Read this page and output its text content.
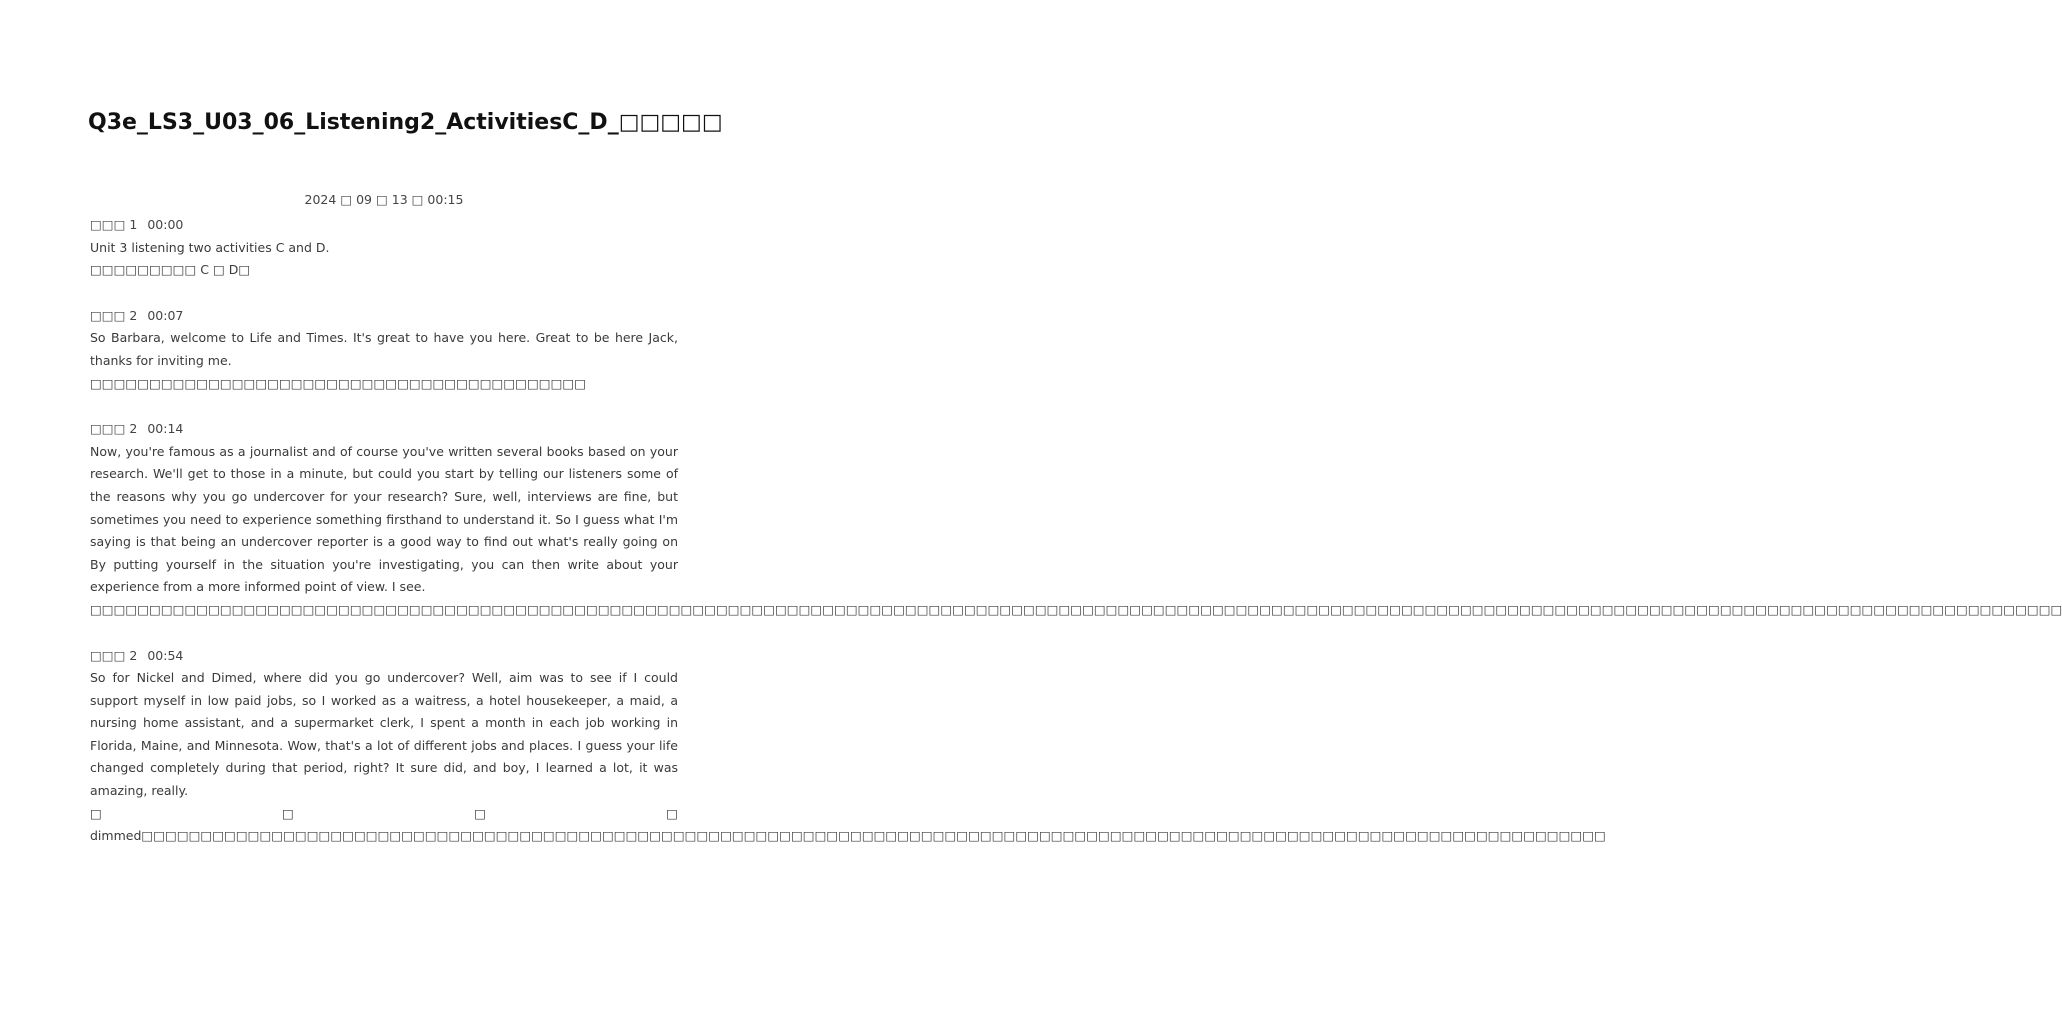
Q3e_LS3_U03_06_Listening2_ActivitiesC_D_□□□□□
2024 □ 09 □ 13 □ 00:15

□□□ 1 00:00

Unit 3 listening two activities C and D.

□□□□□□□□□ C □ D□

□□□ 2 00:07

So Barbara, welcome to Life and Times. It's great to have you here. Great to be here Jack, thanks for inviting me.

□□□□□□□□□□□□□□□□□□□□□□□□□□□□□□□□□□□□□□□□□□

□□□ 2 00:14

Now, you're famous as a journalist and of course you've written several books based on your research. We'll get to those in a minute, but could you start by telling our listeners some of the reasons why you go undercover for your research? Sure, well, interviews are fine, but sometimes you need to experience something firsthand to understand it. So I guess what I'm saying is that being an undercover reporter is a good way to find out what's really going on By putting yourself in the situation you're investigating, you can then write about your experience from a more informed point of view. I see.

□□□□□□□□□□□□□□□□□□□□□□□□□□□□□□□□□□□□□□□□□□□□□□□□□□□□□□□□□□□□□□□□□□□□□□□□□□□□□□□□□□□□□□□□□□□□□□□□□□□□□□□□□□□□□□□□□□□□□□□□□□□□□□□□□□□□□□□□□□□□□□□□□□□□□□□□□□□□□□□□□□□□□□□

□□□ 2 00:54

So for Nickel and Dimed, where did you go undercover? Well, aim was to see if I could support myself in low paid jobs, so I worked as a waitress, a hotel housekeeper, a maid, a nursing home assistant, and a supermarket clerk, I spent a month in each job working in Florida, Maine, and Minnesota. Wow, that's a lot of different jobs and places. I guess your life changed completely during that period, right? It sure did, and boy, I learned a lot, it was amazing, really.

□□□□ dimmed□□□□□□□□□□□□□□□□□□□□□□□□□□□□□□□□□□□□□□□□□□□□□□□□□□□□□□□□□□□□□□□□□□□□□□□□□□□□□□□□□□□□□□□□□□□□□□□□□□□□□□□□□□□□□□□□□□□□□□□□□□□□
